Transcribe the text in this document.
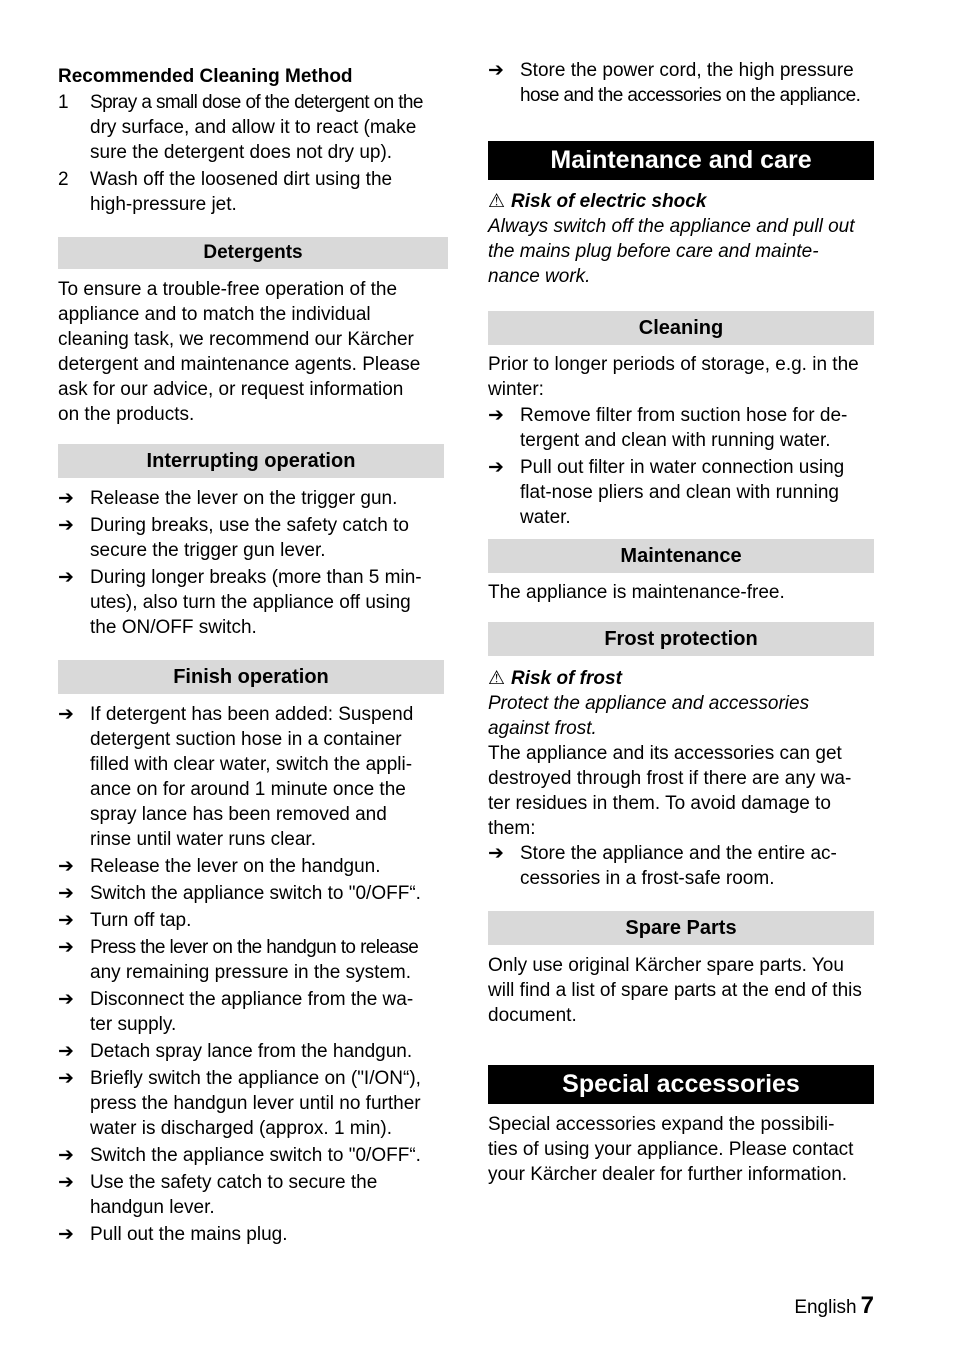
Recommended Cleaning Method
1 Spray a small dose of the detergent on the
dry surface, and allow it to react (make
sure the detergent does not dry up).
2 Wash off the loosened dirt using the
high-pressure jet.
Detergents
To ensure a trouble-free operation of the
appliance and to match the individual
cleaning task, we recommend our Kärcher
detergent and maintenance agents. Please
ask for our advice, or request information
on the products.
Interrupting operation
➔ Release the lever on the trigger gun.
➔ During breaks, use the safety catch to
secure the trigger gun lever.
➔ During longer breaks (more than 5 min-
utes), also turn the appliance off using
the ON/OFF switch.
Finish operation
➔ If detergent has been added: Suspend
detergent suction hose in a container
filled with clear water, switch the appli-
ance on for around 1 minute once the
spray lance has been removed and
rinse until water runs clear.
➔ Release the lever on the handgun.
➔ Switch the appliance switch to "0/OFF“.
➔ Turn off tap.
➔ Press the lever on the handgun to release
any remaining pressure in the system.
➔ Disconnect the appliance from the wa-
ter supply.
➔ Detach spray lance from the handgun.
➔ Briefly switch the appliance on ("I/ON“),
press the handgun lever until no further
water is discharged (approx. 1 min).
➔ Switch the appliance switch to "0/OFF“.
➔ Use the safety catch to secure the
handgun lever.
➔ Pull out the mains plug.
➔ Store the power cord, the high pressure
hose and the accessories on the appliance.
Maintenance and care
⚠ Risk of electric shock
Always switch off the appliance and pull out
the mains plug before care and mainte-
nance work.
Cleaning
Prior to longer periods of storage, e.g. in the
winter:
➔ Remove filter from suction hose for de-
tergent and clean with running water.
➔ Pull out filter in water connection using
flat-nose pliers and clean with running
water.
Maintenance
The appliance is maintenance-free.
Frost protection
⚠ Risk of frost
Protect the appliance and accessories
against frost.
The appliance and its accessories can get
destroyed through frost if there are any wa-
ter residues in them. To avoid damage to
them:
➔ Store the appliance and the entire ac-
cessories in a frost-safe room.
Spare Parts
Only use original Kärcher spare parts. You
will find a list of spare parts at the end of this
document.
Special accessories
Special accessories expand the possibili-
ties of using your appliance. Please contact
your Kärcher dealer for further information.
English 7
